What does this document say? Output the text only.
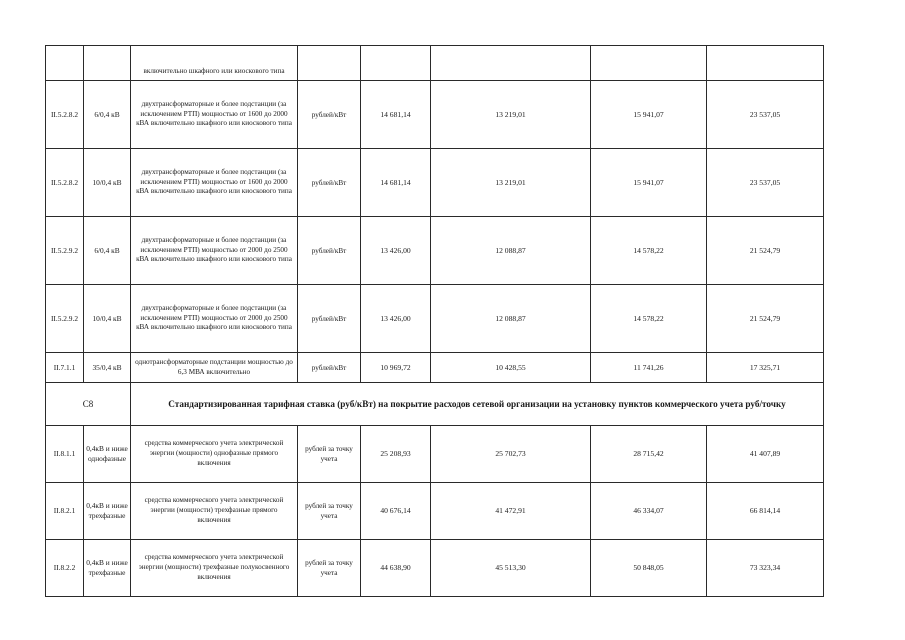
		включительно шкафного или киоскового типа					
II.5.2.8.2	6/0,4 кВ	двухтрансформаторные и более подстанции (за исключением РТП) мощностью от 1600 до 2000 кВА включительно шкафного или киоскового типа	рублей/кВт	14 681,14	13 219,01	15 941,07	23 537,05
II.5.2.8.2	10/0,4 кВ	двухтрансформаторные и более подстанции (за исключением РТП) мощностью от 1600 до 2000 кВА включительно шкафного или киоскового типа	рублей/кВт	14 681,14	13 219,01	15 941,07	23 537,05
II.5.2.9.2	6/0,4 кВ	двухтрансформаторные и более подстанции (за исключением РТП) мощностью от 2000 до 2500 кВА включительно шкафного или киоскового типа	рублей/кВт	13 426,00	12 088,87	14 578,22	21 524,79
II.5.2.9.2	10/0,4 кВ	двухтрансформаторные и более подстанции (за исключением РТП) мощностью от 2000 до 2500 кВА включительно шкафного или киоскового типа	рублей/кВт	13 426,00	12 088,87	14 578,22	21 524,79
II.7.1.1	35/0,4 кВ	однотрансформаторные подстанции мощностью до 6,3 МВА включительно	рублей/кВт	10 969,72	10 428,55	11 741,26	17 325,71
С8		Стандартизированная тарифная ставка (руб/кВт) на покрытие расходов сетевой организации на установку пунктов коммерческого учета руб/точку					
II.8.1.1	0,4кВ и ниже однофазные	средства коммерческого учета электрической энергии (мощности) однофазные прямого включения	рублей за точку учета	25 208,93	25 702,73	28 715,42	41 407,89
II.8.2.1	0,4кВ и ниже трехфазные	средства коммерческого учета электрической энергии (мощности) трехфазные прямого включения	рублей за точку учета	40 676,14	41 472,91	46 334,07	66 814,14
II.8.2.2	0,4кВ и ниже трехфазные	средства коммерческого учета электрической энергии (мощности) трехфазные полукосвенного включения	рублей за точку учета	44 638,90	45 513,30	50 848,05	73 323,34
